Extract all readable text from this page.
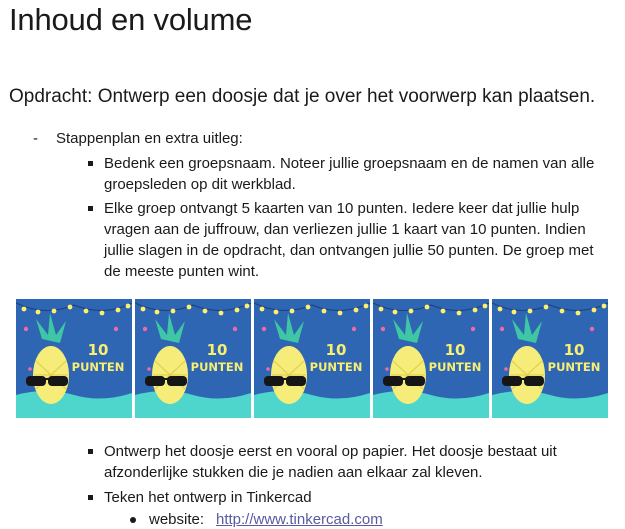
Inhoud en volume
Opdracht: Ontwerp een doosje dat je over het voorwerp kan plaatsen.
- Stappenplan en extra uitleg:
Bedenk een groepsnaam. Noteer jullie groepsnaam en de namen van alle groepsleden op dit werkblad.
Elke groep ontvangt 5 kaarten van 10 punten. Iedere keer dat jullie hulp vragen aan de juffrouw, dan verliezen jullie 1 kaart van 10 punten. Indien jullie slagen in de opdracht, dan ontvangen jullie 50 punten. De groep met de meeste punten wint.
10
PUNTEN
10
PUNTEN
10
PUNTEN
10
PUNTEN
10
PUNTEN
Ontwerp het doosje eerst en vooral op papier. Het doosje bestaat uit afzonderlijke stukken die je nadien aan elkaar zal kleven.
Teken het ontwerp in Tinkercad
website: http://www.tinkercad.com
